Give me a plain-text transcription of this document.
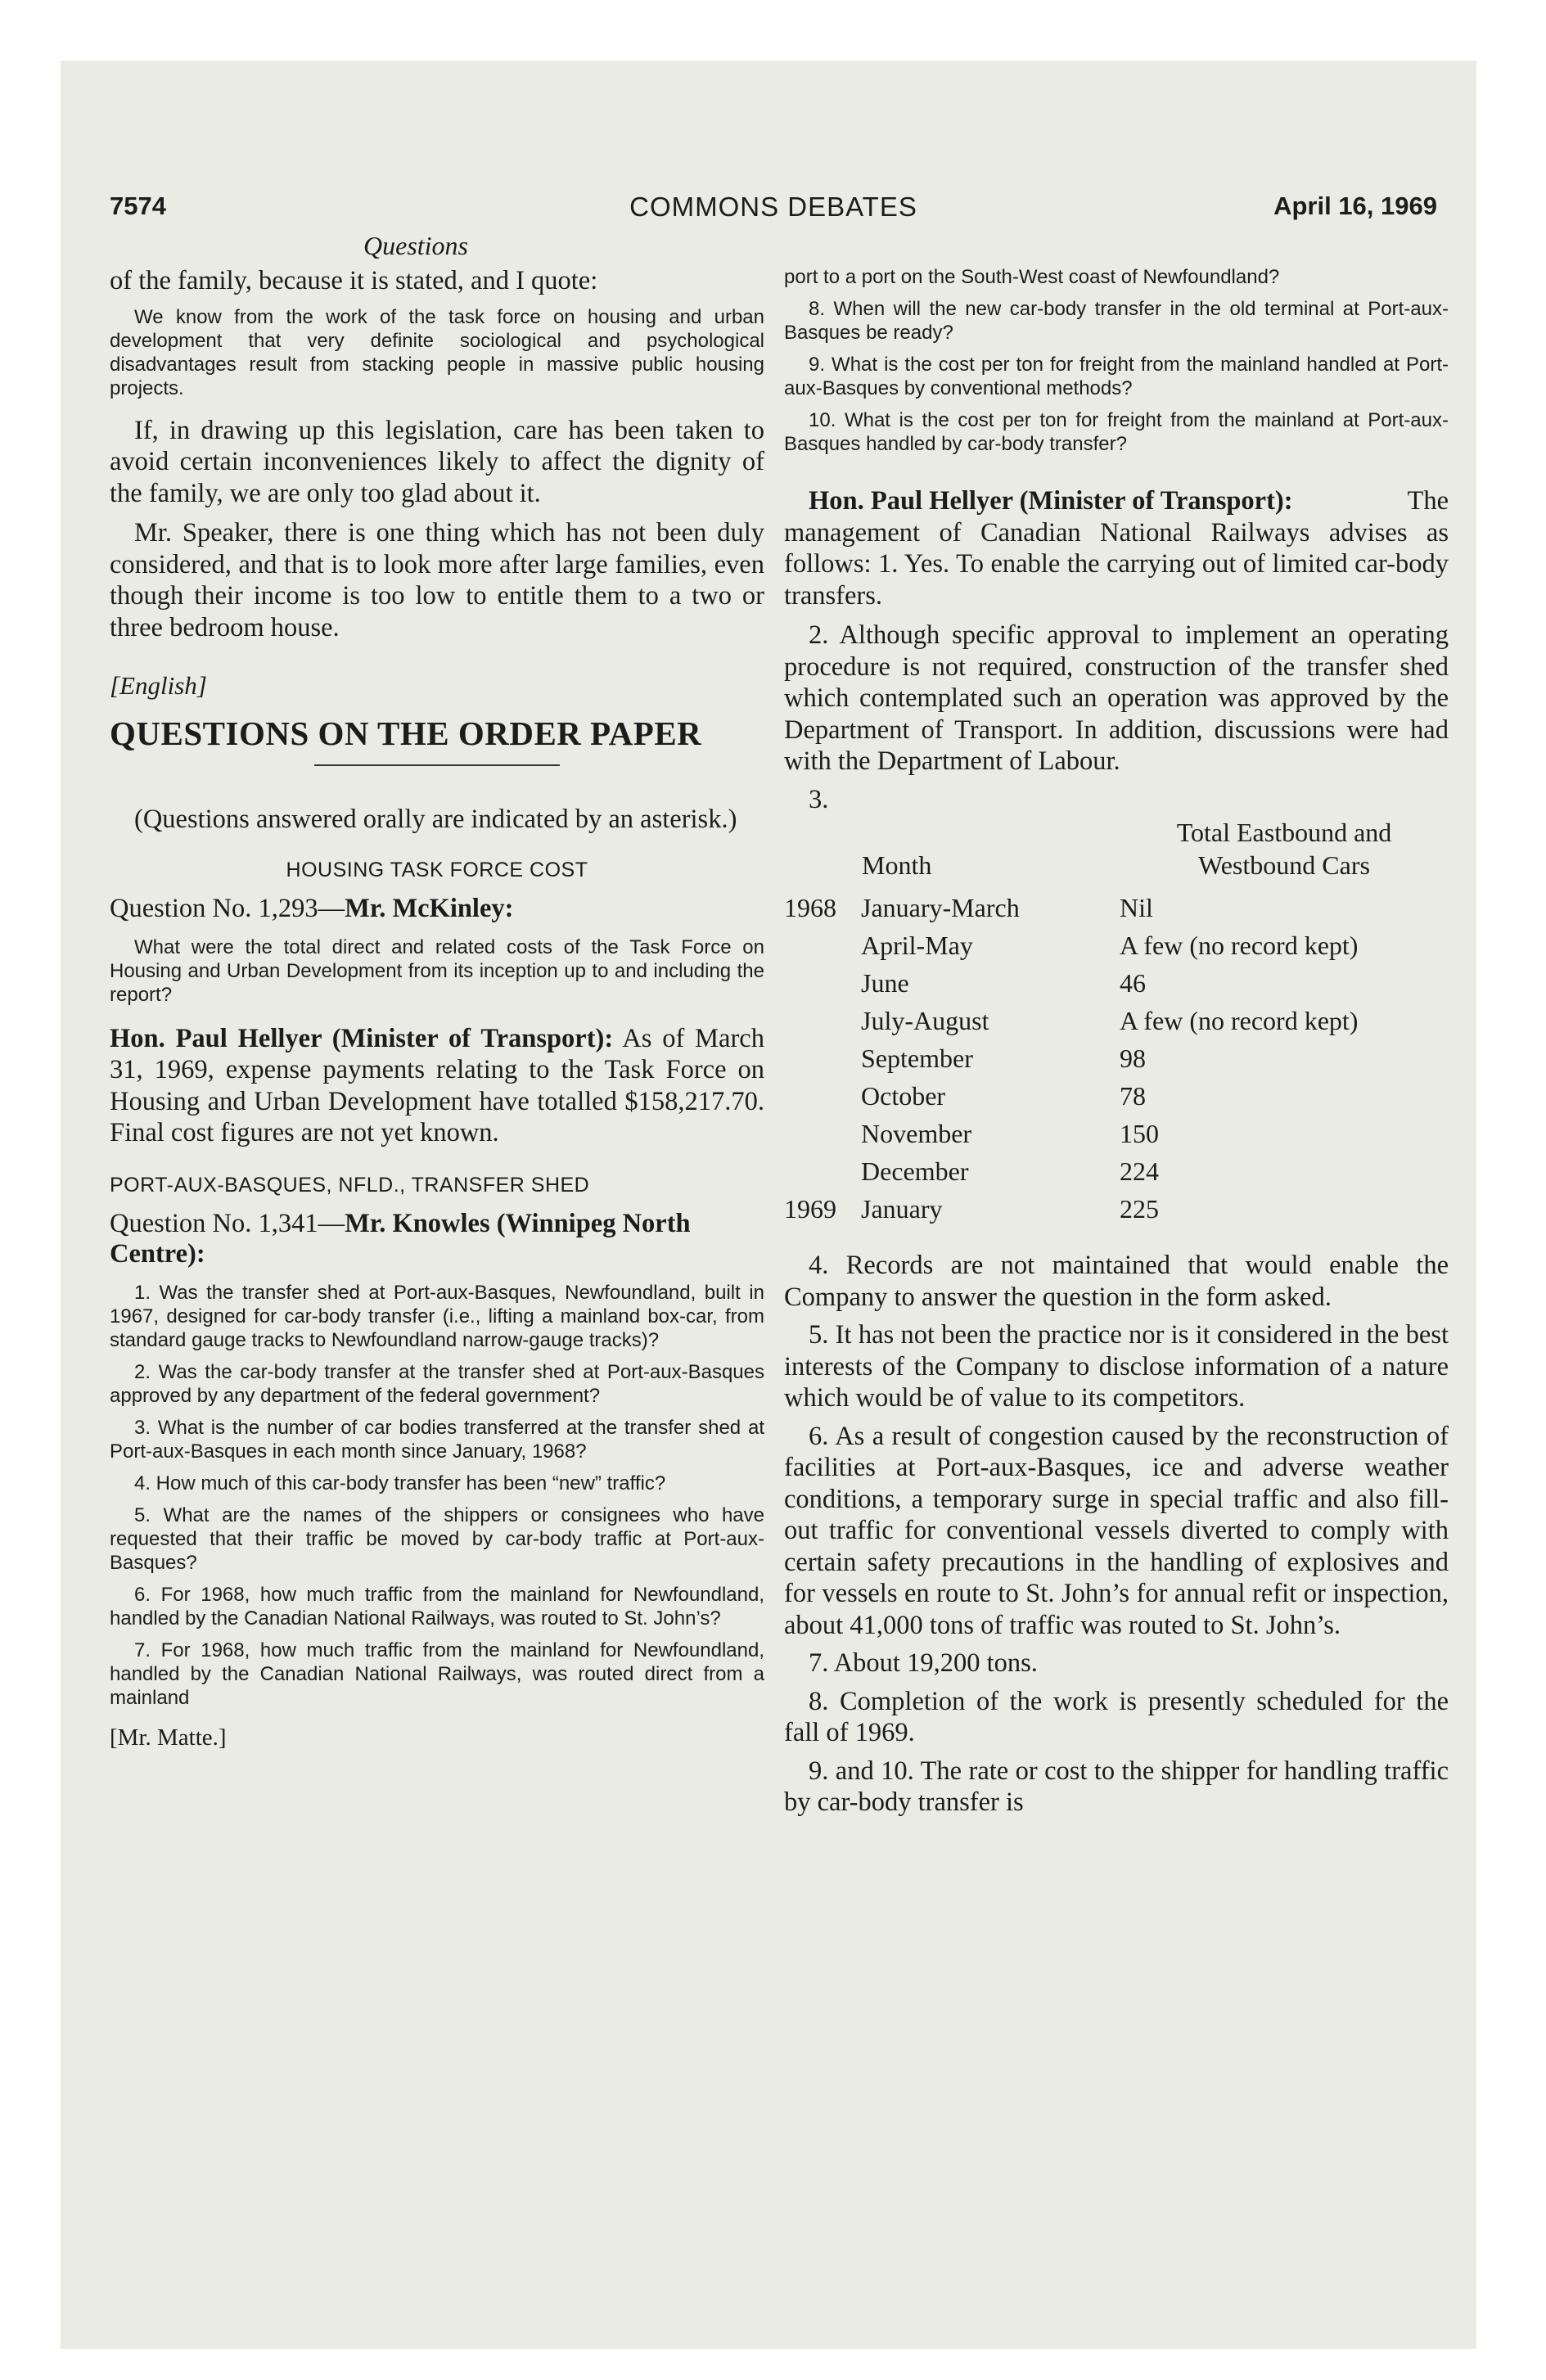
7574	COMMONS DEBATES	April 16, 1969
Questions

of the family, because it is stated, and I quote:

We know from the work of the task force on housing and urban development that very definite sociological and psychological disadvantages result from stacking people in massive public housing projects.

If, in drawing up this legislation, care has been taken to avoid certain inconveniences likely to affect the dignity of the family, we are only too glad about it.

Mr. Speaker, there is one thing which has not been duly considered, and that is to look more after large families, even though their income is too low to entitle them to a two or three bedroom house.

[English]

QUESTIONS ON THE ORDER PAPER

(Questions answered orally are indicated by an asterisk.)

HOUSING TASK FORCE COST

Question No. 1,293—Mr. McKinley:

What were the total direct and related costs of the Task Force on Housing and Urban Development from its inception up to and including the report?

Hon. Paul Hellyer (Minister of Transport): As of March 31, 1969, expense payments relating to the Task Force on Housing and Urban Development have totalled $158,217.70. Final cost figures are not yet known.

PORT-AUX-BASQUES, NFLD., TRANSFER SHED

Question No. 1,341—Mr. Knowles (Winnipeg North Centre):

1. Was the transfer shed at Port-aux-Basques, Newfoundland, built in 1967, designed for car-body transfer (i.e., lifting a mainland box-car, from standard gauge tracks to Newfoundland narrow-gauge tracks)?

2. Was the car-body transfer at the transfer shed at Port-aux-Basques approved by any department of the federal government?

3. What is the number of car bodies transferred at the transfer shed at Port-aux-Basques in each month since January, 1968?

4. How much of this car-body transfer has been “new” traffic?

5. What are the names of the shippers or consignees who have requested that their traffic be moved by car-body traffic at Port-aux-Basques?

6. For 1968, how much traffic from the mainland for Newfoundland, handled by the Canadian National Railways, was routed to St. John’s?

7. For 1968, how much traffic from the mainland for Newfoundland, handled by the Canadian National Railways, was routed direct from a mainland

[Mr. Matte.]

port to a port on the South-West coast of Newfoundland?

8. When will the new car-body transfer in the old terminal at Port-aux-Basques be ready?

9. What is the cost per ton for freight from the mainland handled at Port-aux-Basques by conventional methods?

10. What is the cost per ton for freight from the mainland at Port-aux-Basques handled by car-body transfer?

Hon. Paul Hellyer (Minister of Transport):	The management of Canadian National Railways advises as follows: 1. Yes. To enable the carrying out of limited car-body transfers.

2. Although specific approval to implement an operating procedure is not required, construction of the transfer shed which contemplated such an operation was approved by the Department of Transport. In addition, discussions were had with the Department of Labour.

3.

	Month	Total Eastbound and Westbound Cars
1968	January-March	Nil
	April-May	A few (no record kept)
	June	46
	July-August	A few (no record kept)
	September	98
	October	78
	November	150
	December	224
1969	January	225

4. Records are not maintained that would enable the Company to answer the question in the form asked.

5. It has not been the practice nor is it considered in the best interests of the Company to disclose information of a nature which would be of value to its competitors.

6. As a result of congestion caused by the reconstruction of facilities at Port-aux-Basques, ice and adverse weather conditions, a temporary surge in special traffic and also fill-out traffic for conventional vessels diverted to comply with certain safety precautions in the handling of explosives and for vessels en route to St. John’s for annual refit or inspection, about 41,000 tons of traffic was routed to St. John’s.

7. About 19,200 tons.

8. Completion of the work is presently scheduled for the fall of 1969.

9. and 10. The rate or cost to the shipper for handling traffic by car-body transfer is
